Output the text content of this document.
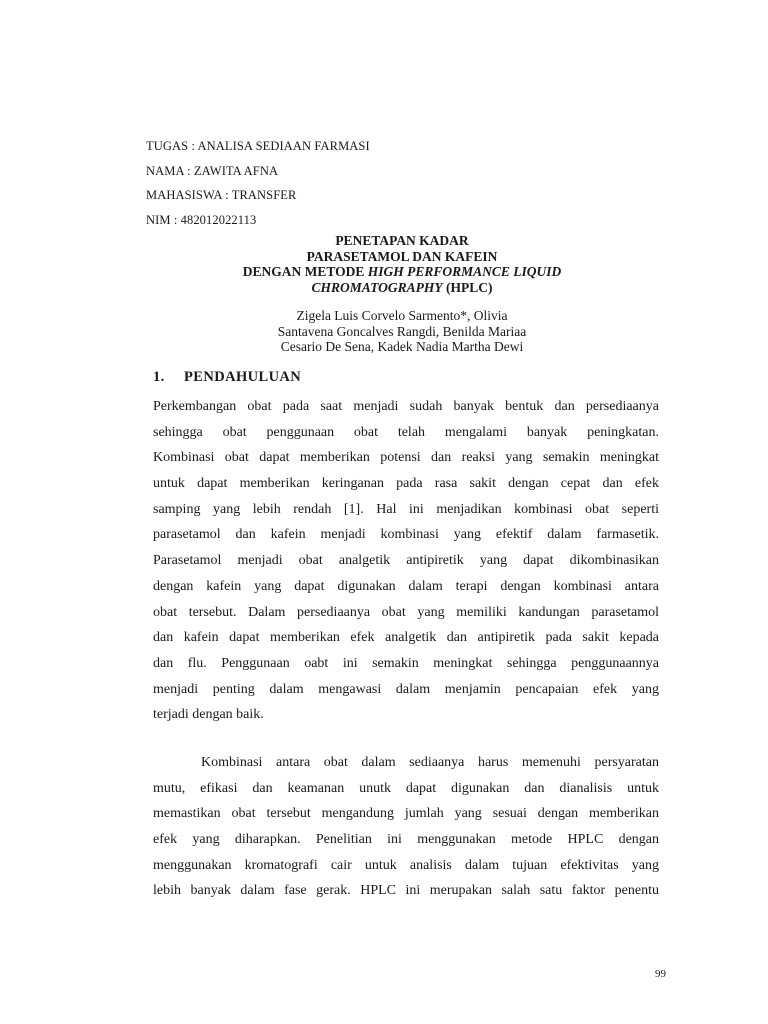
TUGAS : ANALISA SEDIAAN FARMASI
NAMA : ZAWITA AFNA
MAHASISWA : TRANSFER
NIM : 482012022113
PENETAPAN KADAR
PARASETAMOL DAN KAFEIN
DENGAN METODE HIGH PERFORMANCE LIQUID
CHROMATOGRAPHY (HPLC)
Zigela Luis Corvelo Sarmento*, Olivia
Santavena Goncalves Rangdi, Benilda Mariaa
Cesario De Sena, Kadek Nadia Martha Dewi
1. PENDAHULUAN
Perkembangan obat pada saat menjadi sudah banyak bentuk dan persediaanya
sehingga obat penggunaan obat telah mengalami banyak peningkatan.
Kombinasi obat dapat memberikan potensi dan reaksi yang semakin meningkat
untuk dapat memberikan keringanan pada rasa sakit dengan cepat dan efek
samping yang lebih rendah [1]. Hal ini menjadikan kombinasi obat seperti
parasetamol dan kafein menjadi kombinasi yang efektif dalam farmasetik.
Parasetamol menjadi obat analgetik antipiretik yang dapat dikombinasikan
dengan kafein yang dapat digunakan dalam terapi dengan kombinasi antara
obat tersebut. Dalam persediaanya obat yang memiliki kandungan parasetamol
dan kafein dapat memberikan efek analgetik dan antipiretik pada sakit kepada
dan flu. Penggunaan oabt ini semakin meningkat sehingga penggunaannya
menjadi penting dalam mengawasi dalam menjamin pencapaian efek yang
terjadi dengan baik.
Kombinasi antara obat dalam sediaanya harus memenuhi persyaratan
mutu, efikasi dan keamanan unutk dapat digunakan dan dianalisis untuk
memastikan obat tersebut mengandung jumlah yang sesuai dengan memberikan
efek yang diharapkan. Penelitian ini menggunakan metode HPLC dengan
menggunakan kromatografi cair untuk analisis dalam tujuan efektivitas yang
lebih banyak dalam fase gerak. HPLC ini merupakan salah satu faktor penentu
99
